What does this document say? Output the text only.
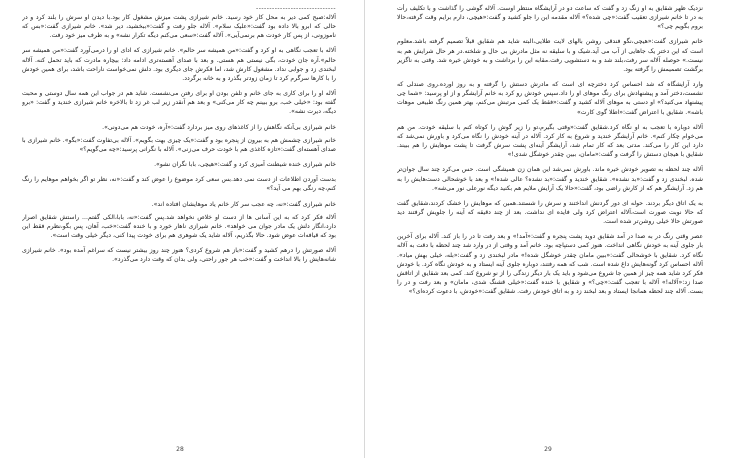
------------------------------

آلاله:صبح کمی دیر به محل کار خود رسید. خانم شیرازی پشت میزش مشغول کار بود.با دیدن او سرش را بلند کرد و در حالی که ابرو بالا داده بود گفت:«علیک سلام». آلاله جلو رفت و گفت:«ببخشید، دیر شد». خانم شیرازی گفت:«بس که ناموزونی، از پس کار خودت هم برنمی‌آیی». آلاله گفت:«سعی می‌کنم دیگه تکرار نشه» و به طرف میز خود رفت.

آلاله با تعجب نگاهی به او کرد و گفت:«من همیشه سر حالم». خانم شیرازی که ادای او را درمی‌آورد گفت:«من همیشه سر حالم».آره جان خودت، بگی نیستی هم هستی. و بعد با صدای آهسته‌تری ادامه داد: بیچاره مادرت که باید تحمل کنه. آلاله لبخندی زد و جوابی نداد. مشغول کارش شد، اما فکرش جای دیگری بود. دلش نمی‌خواست ناراحت باشد، برای همین خودش را با کارها سرگرم کرد تا زمان زودتر بگذرد و به خانه برگردد.

آلاله او را برای کاری به جای خانم و تلفن بودن او برای رفتن می‌نشست. شاید هم در جواب این همه سال دوستی و محبت گفته بود: «خیلی خب، برو ببینم چه کار می‌کنی» و بعد هم آنقدر زیر لب غر زد تا بالاخره خانم شیرازی خندید و گفت: «برو دیگه، دیرت نشه».

خانم شیرازی بی‌آنکه نگاهش را از کاغذهای روی میز بردارد گفت:«آره، خودت هم می‌دونی».

خانم شیرازی چشمش هم به بیرون از پنجره بود و گفت:«یک چیزی بهت بگویم». آلاله بی‌تفاوت گفت:«بگو». خانم شیرازی با صدای آهسته‌ای گفت:«تازه کاغذی هم با خودت حرف می‌زنی». آلاله با نگرانی پرسید:«چه می‌گویم؟»

خانم شیرازی خنده شیطنت آمیزی کرد و گفت:«هیچی، بابا نگران نشو».

بدست آوردن اطلاعات از دست نمی دهد.بس سعی کرد موضوع را عوض کند و گفت:«نه، نظر تو اگر بخواهم موهایم را رنگ کنم،چه رنگی بهم می آید؟»

خانم شیرازی گفت:«نه، چه عجب سر کار خانم یاد موهایشان افتاده اند».

آلاله فکر کرد که به این آسانی ها از دست او خلاص نخواهد شد.پس گفت:«نه، بابا،الکی گفتم... راستش شقایق اصرار دارد،انگار دلش یک مادر جوان می خواهد». خانم شیرازی ناهار خورد و با خنده گفت:«خب، آهان، پس بگو،نظرم فقط این بود که قیافه‌ات عوض شود. حالا بگذریم، آلاله شاید یک شوهری هم برای خودت پیدا کنی، دیگر خیلی وقت است».

آلاله صورتش را درهم کشید و گفت:«باز هم شروع کردی؟ هنوز چند روز بیشتر نیست که سراغم آمده بود». خانم شیرازی شانه‌هایش را بالا انداخت و گفت:«خب هر جور راحتی، ولی بدان که وقت دارد می‌گذرد».

28

نزدیک ظهر شقایق به او زنگ زد و گفت که ساعت دو در آرایشگاه منتظر اوست. آلاله گوشی را گذاشت و با تکلیف رأت به در تا خانم شیرازی تعقیب گفت:«چی شده؟» آلاله مقدمه این را جلو کشید و گفت:«هیچی، دارم برایم وقت گرفته،حالا بروم بگویم چی؟»

خانم شیرازی گفت:«هیچی،نگو فندقی روشن بالهای لایت طلایی،البته شاید هم شقایق قبلاً تصمیم گرفته باشد.معلوم است که این دختر یک جاهایی از آب می آید.شیک و با سلیقه نه مثل مادرش بی حال و شلخته.در هر حال شرایش هم به نیست.» حوصله آلاله سر رفت،بلند شد و به دستشویی رفت.مقابه این را برداشت و به خودش خیره شد. وقتی به ناگزیر برگشت تصمیمش را گرفته بود.

وارد آرایشگاه که شد احساس کرد دخترچه ای است که مادرش دستش را گرفته و به روز اورده.روی صندلی که نشست،دختر آمد و پیشنهادش برای رنگ موهای او را داد.سپس خودش رو کرد به خانم آرایشگر و از او پرسید: «شما چی پیشنهاد می‌کنید؟» او دستی به موهای آلاله کشید و گفت:«فقط یک کمی مرتبش می‌کنم، بهتر همین رنگ طبیعی موهات باشه». شقایق با اعتراض گفت:«اطلا گوی کارت»

آلاله دوباره با تعجب به او نگاه کرد.شقایق گفت:«وقتی بگیرم،تو را زیر گوش را کوتاه کنم با سلیقه خودت. من هم می‌خوام چکار کنم». خانم آرایشگر خندید و شروع به کار کرد. آلاله در آینه خودش را نگاه می‌کرد و باورش نمی‌شد که دارد این کار را می‌کند. مدتی بعد که کار تمام شد، آرایشگر آینه‌ای پشت سرش گرفت تا پشت موهایش را هم ببیند. شقایق با هیجان دستش را گرفت و گفت:«مامان، ببین چقدر خوشگل شدی!»

آلاله چند لحظه به تصویر خودش خیره ماند. باورش نمی‌شد این همان زن همیشگی است. حس می‌کرد چند سال جوان‌تر شده. لبخندی زد و گفت:«بد نشده». شقایق خندید و گفت:«بد نشده؟ عالی شده!» و بعد با خوشحالی دست‌هایش را به هم زد. آرایشگر هم که از کارش راضی بود، گفت:«حالا یک آرایش ملایم هم بکنید دیگه نورعلی نور می‌شه».

به یک اتاق دیگر بردند. حوله ای دور گردنش انداختند و سرش را شستند.همین که موهایش را خشک کردند،شقایق گفت که حالا نوبت صورت است،آلاله اعتراض کرد ولی فایده ای نداشت. بعد از چند دقیقه که آینه را جلویش گرفتند دید صورتش حالا خیلی روشن‌تر شده است.

عصر وقتی رنگ در به صدا در آمد شقایق دوید پشت پنجره و گفت:«آمد!» و بعد رفت تا در را باز کند. آلاله برای آخرین بار جلوی آینه به خودش نگاهی انداخت. هنوز کمی دستپاچه بود. خانم آمد و وقتی از در وارد شد چند لحظه با دقت به آلاله نگاه کرد. شقایق با خوشحالی گفت:«ببین مامان چقدر خوشگل شده!» مادر لبخندی زد و گفت:«بله، خیلی بهش میاد». آلاله احساس کرد گونه‌هایش داغ شده است. شب که همه رفتند، دوباره جلوی آینه ایستاد و به خودش نگاه کرد. با خودش فکر کرد شاید همه چیز از همین جا شروع می‌شود و باید یک بار دیگر زندگی را از نو شروع کند. کمی بعد شقایق از اتاقش صدا زد:«آلاله!» آلاله با تعجب گفت:«چی؟» و شقایق با خنده گفت:«خیلی قشنگ شدی، مامان» و بعد رفت و در را بست. آلاله چند لحظه همانجا ایستاد و بعد لبخند زد و به اتاق خودش رفت. شقایق گفت:«خودش، با دعوت کرده‌ای؟»

29
